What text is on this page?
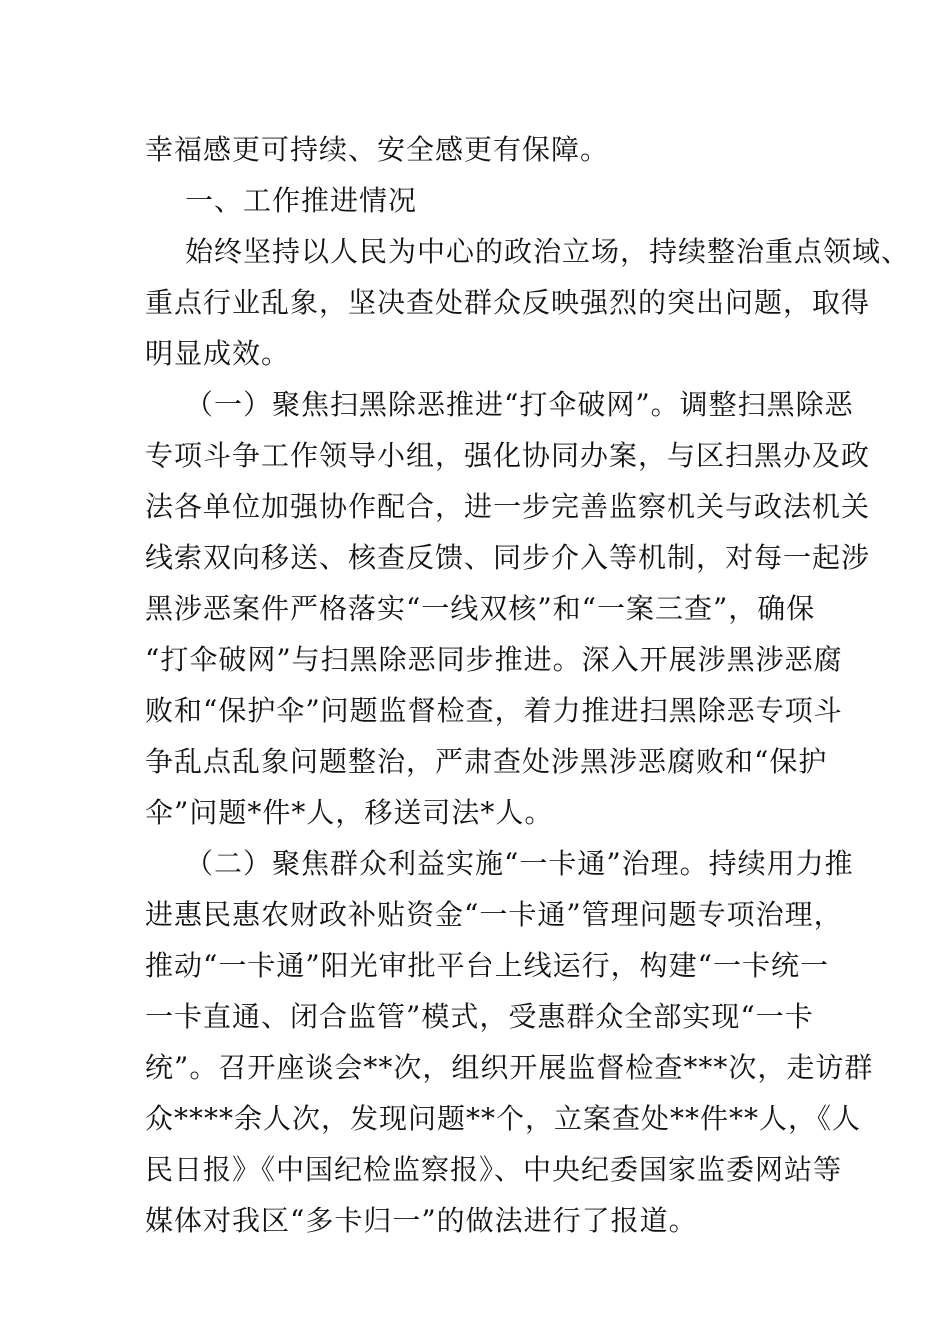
幸福感更可持续、安全感更有保障。

一、工作推进情况

始终坚持以人民为中心的政治立场，持续整治重点领域、

重点行业乱象，坚决查处群众反映强烈的突出问题，取得

明显成效。

（一）聚焦扫黑除恶推进“打伞破网”。调整扫黑除恶

专项斗争工作领导小组，强化协同办案，与区扫黑办及政

法各单位加强协作配合，进一步完善监察机关与政法机关

线索双向移送、核查反馈、同步介入等机制，对每一起涉

黑涉恶案件严格落实“一线双核”和“一案三查”，确保

“打伞破网”与扫黑除恶同步推进。深入开展涉黑涉恶腐

败和“保护伞”问题监督检查，着力推进扫黑除恶专项斗

争乱点乱象问题整治，严肃查处涉黑涉恶腐败和“保护

伞”问题*件*人，移送司法*人。

（二）聚焦群众利益实施“一卡通”治理。持续用力推

进惠民惠农财政补贴资金“一卡通”管理问题专项治理，

推动“一卡通”阳光审批平台上线运行，构建“一卡统一

一卡直通、闭合监管”模式，受惠群众全部实现“一卡

统”。召开座谈会**次，组织开展监督检查***次，走访群

众****余人次，发现问题**个，立案查处**件**人，《人

民日报》《中国纪检监察报》、中央纪委国家监委网站等

媒体对我区“多卡归一”的做法进行了报道。
